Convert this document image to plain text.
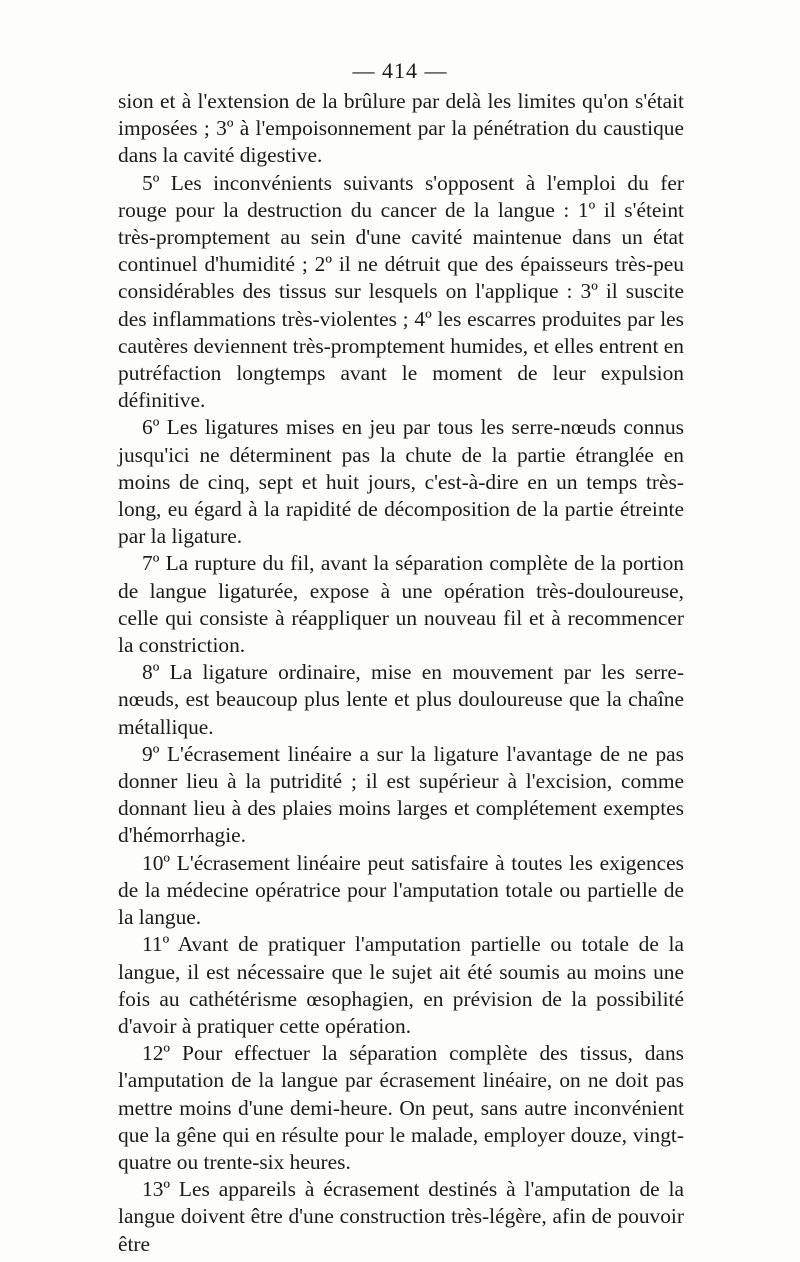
— 414 —

sion et à l'extension de la brûlure par delà les limites qu'on s'était imposées ; 3º à l'empoisonnement par la pénétration du caustique dans la cavité digestive.

5º Les inconvénients suivants s'opposent à l'emploi du fer rouge pour la destruction du cancer de la langue : 1º il s'éteint très-promptement au sein d'une cavité maintenue dans un état continuel d'humidité ; 2º il ne détruit que des épaisseurs très-peu considérables des tissus sur lesquels on l'applique : 3º il suscite des inflammations très-violentes ; 4º les escarres produites par les cautères deviennent très-promptement humides, et elles entrent en putréfaction longtemps avant le moment de leur expulsion définitive.

6º Les ligatures mises en jeu par tous les serre-nœuds connus jusqu'ici ne déterminent pas la chute de la partie étranglée en moins de cinq, sept et huit jours, c'est-à-dire en un temps très-long, eu égard à la rapidité de décomposition de la partie étreinte par la ligature.

7º La rupture du fil, avant la séparation complète de la portion de langue ligaturée, expose à une opération très-douloureuse, celle qui consiste à réappliquer un nouveau fil et à recommencer la constriction.

8º La ligature ordinaire, mise en mouvement par les serre-nœuds, est beaucoup plus lente et plus douloureuse que la chaîne métallique.

9º L'écrasement linéaire a sur la ligature l'avantage de ne pas donner lieu à la putridité ; il est supérieur à l'excision, comme donnant lieu à des plaies moins larges et complétement exemptes d'hémorrhagie.

10º L'écrasement linéaire peut satisfaire à toutes les exigences de la médecine opératrice pour l'amputation totale ou partielle de la langue.

11º Avant de pratiquer l'amputation partielle ou totale de la langue, il est nécessaire que le sujet ait été soumis au moins une fois au cathétérisme œsophagien, en prévision de la possibilité d'avoir à pratiquer cette opération.

12º Pour effectuer la séparation complète des tissus, dans l'amputation de la langue par écrasement linéaire, on ne doit pas mettre moins d'une demi-heure. On peut, sans autre inconvénient que la gêne qui en résulte pour le malade, employer douze, vingt-quatre ou trente-six heures.

13º Les appareils à écrasement destinés à l'amputation de la langue doivent être d'une construction très-légère, afin de pouvoir être
